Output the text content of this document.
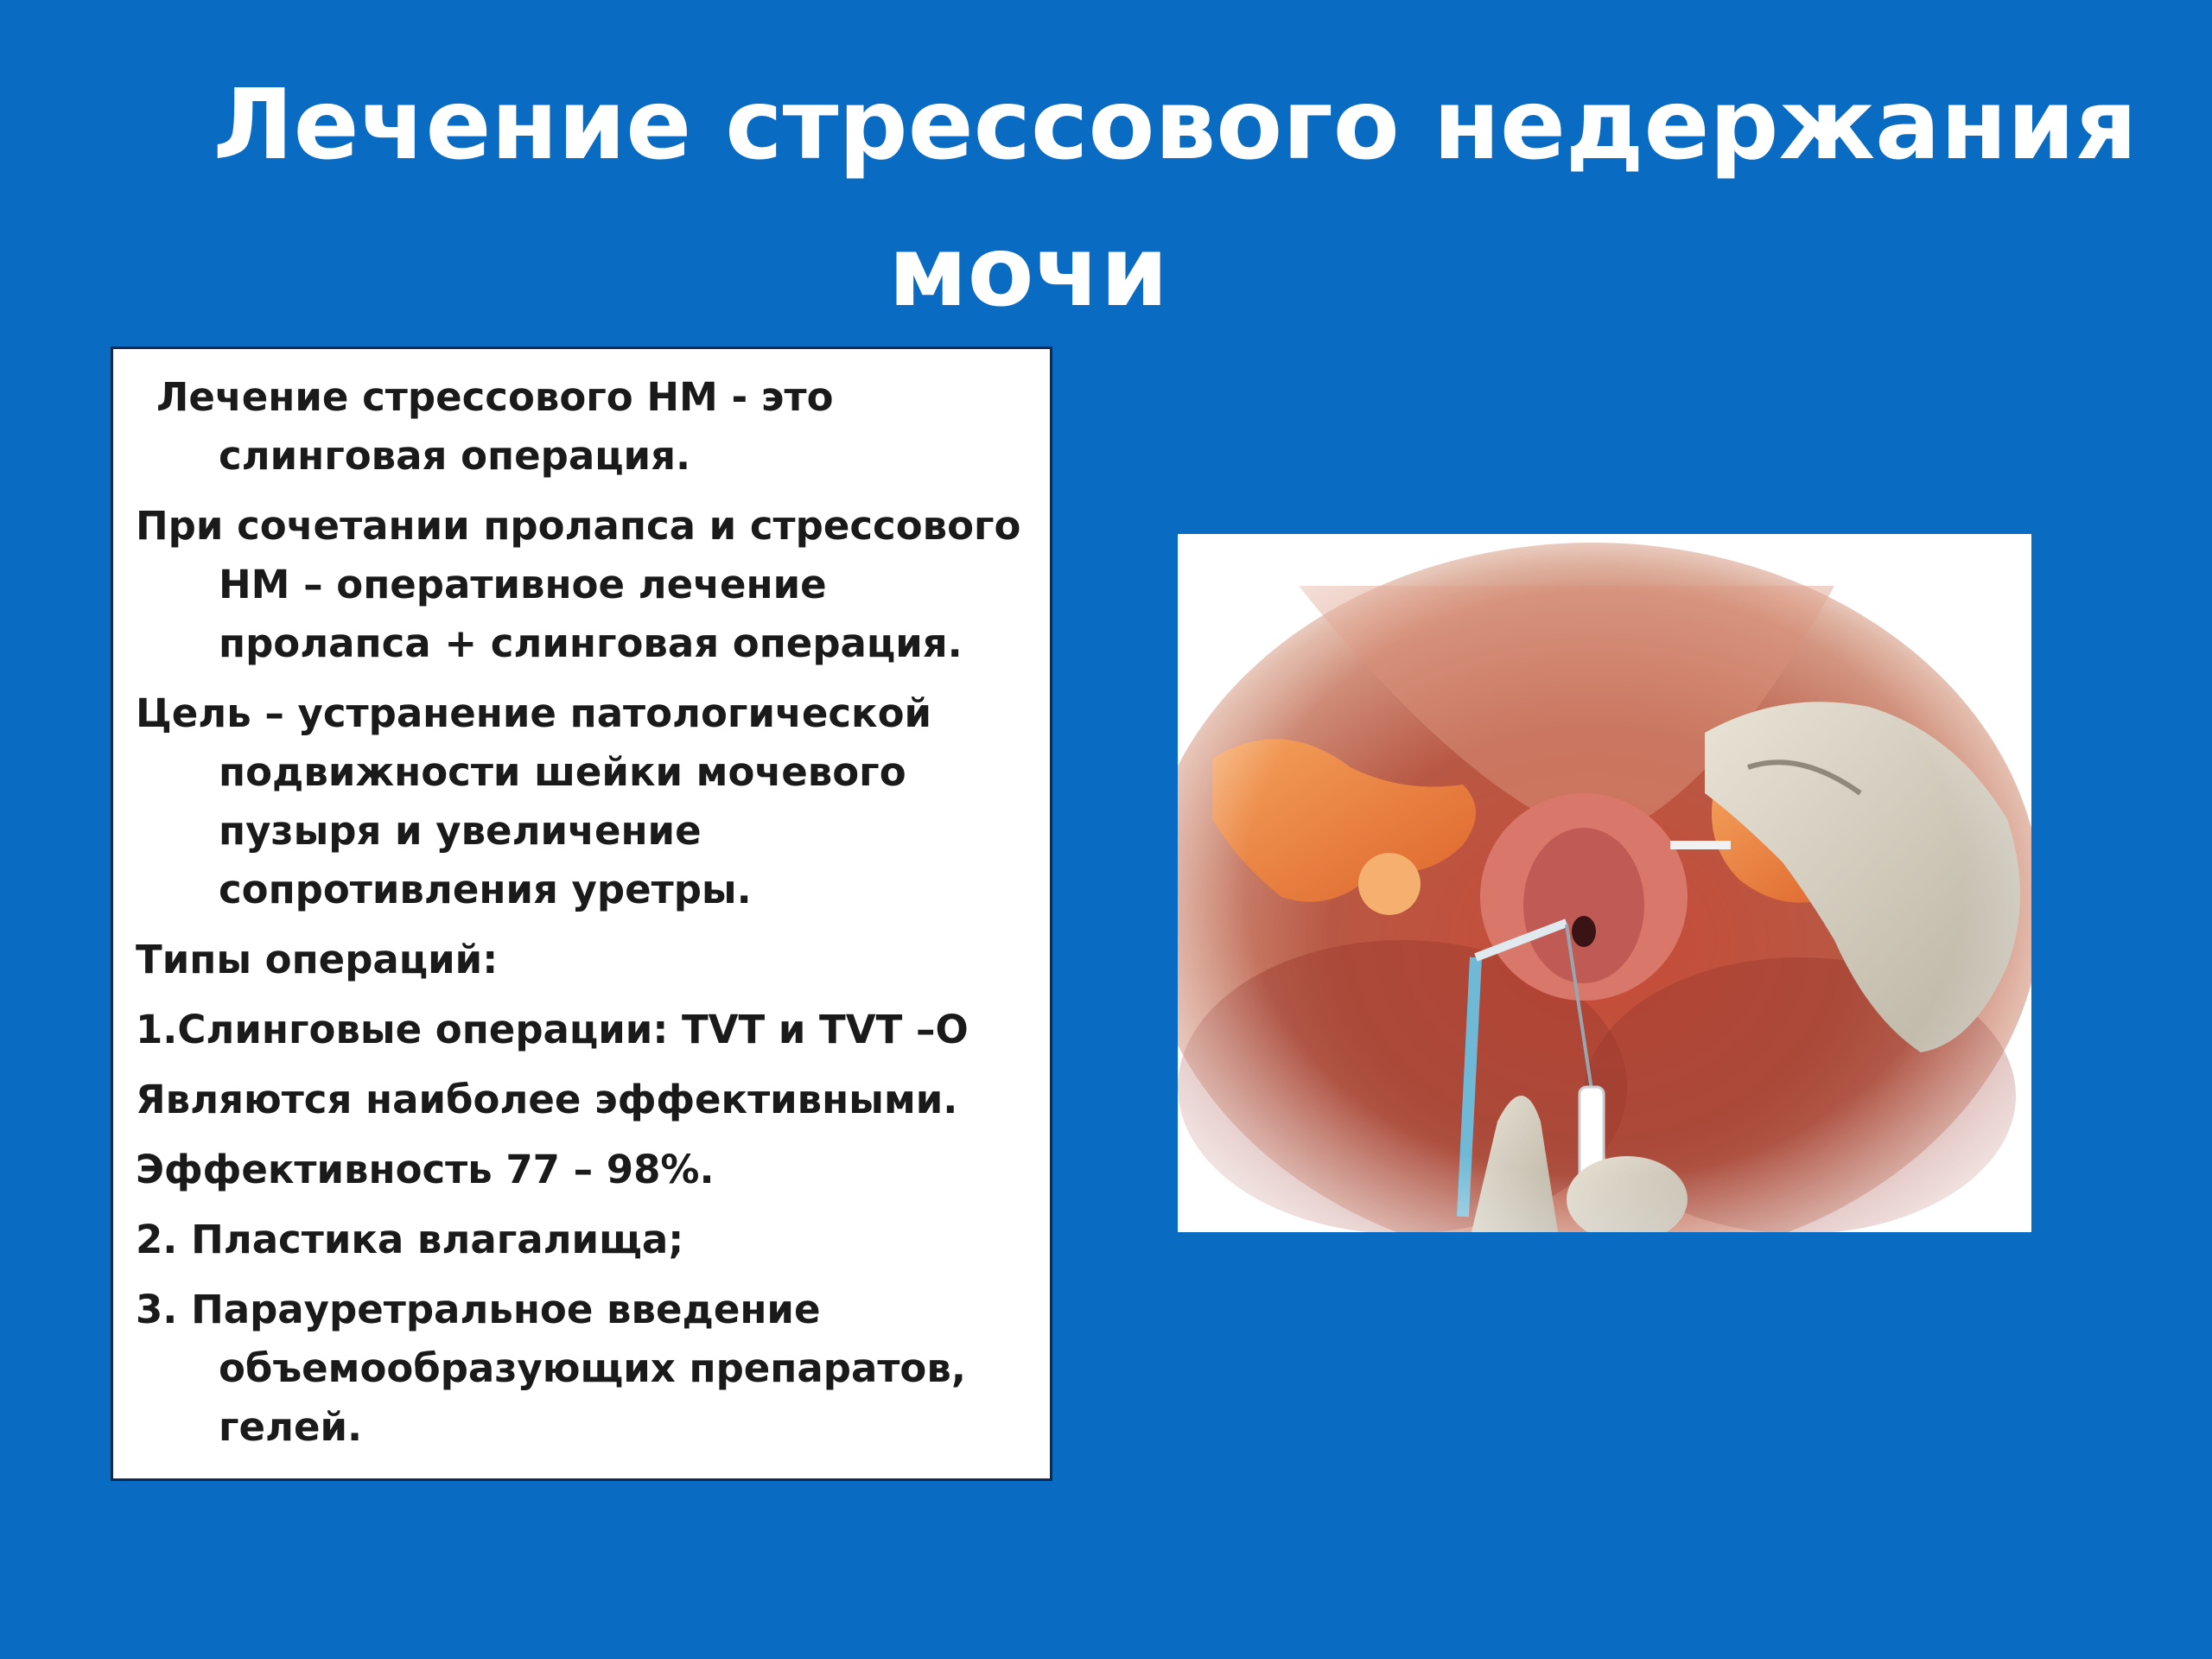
Лечение стрессового недержания
мочи

Лечение стрессового НМ - это слинговая операция.

При сочетании пролапса и стрессового НМ – оперативное лечение пролапса + слинговая операция.

Цель – устранение патологической подвижности шейки мочевого пузыря и увеличение сопротивления уретры.

Типы операций:

1.Слинговые операции: TVT и TVT –O

Являются наиболее эффективными.

Эффективность 77 – 98%.

2. Пластика влагалища;

3. Парауретральное введение объемообразующих препаратов, гелей.
